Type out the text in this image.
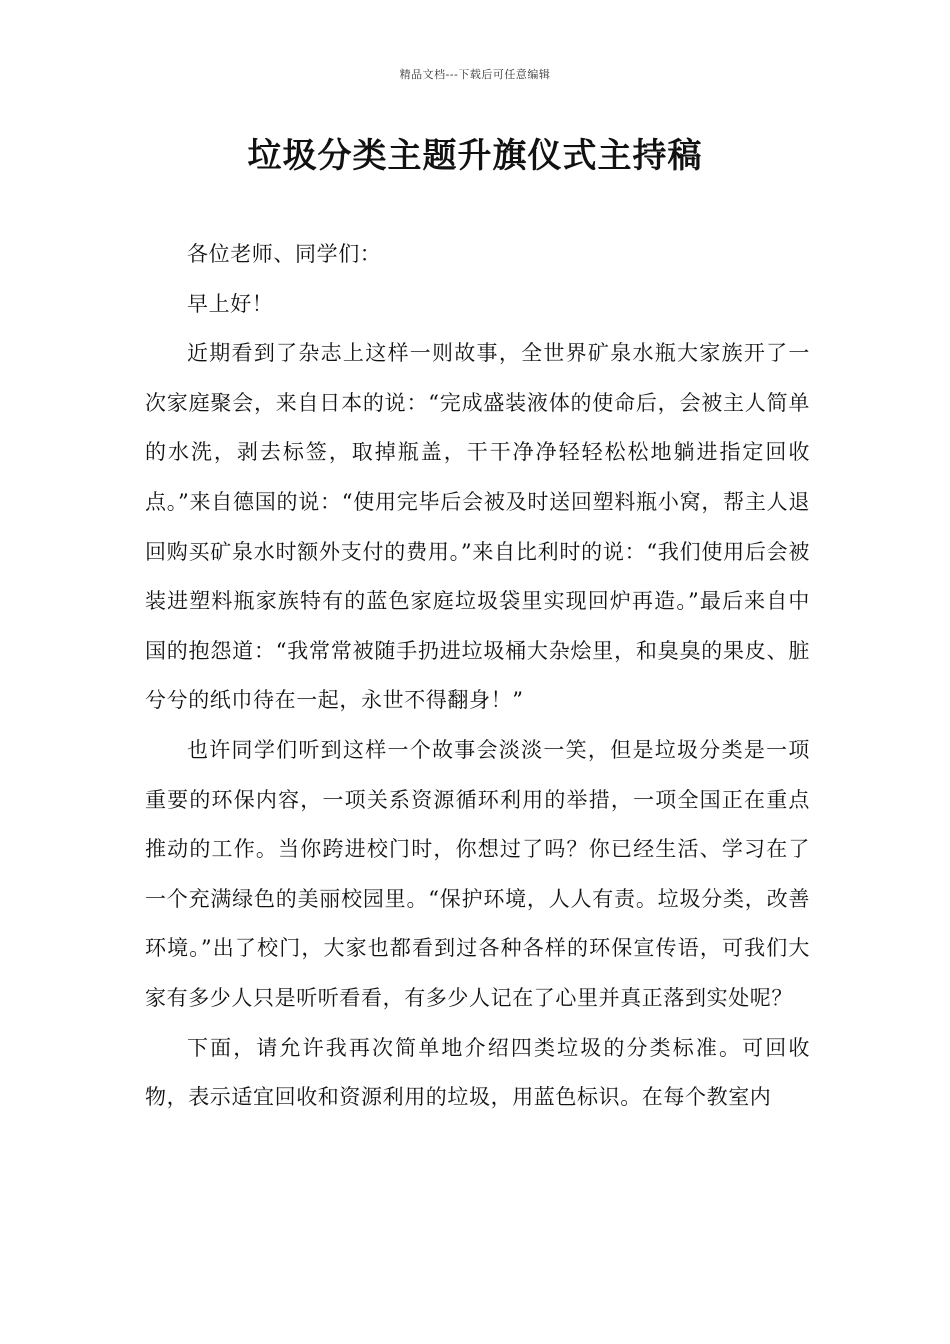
精品文档---下载后可任意编辑
垃圾分类主题升旗仪式主持稿

各位老师、同学们：

早上好！

近期看到了杂志上这样一则故事，全世界矿泉水瓶大家族开了一次家庭聚会，来自日本的说：“完成盛装液体的使命后，会被主人简单的水洗，剥去标签，取掉瓶盖，干干净净轻轻松松地躺进指定回收点。”来自德国的说：“使用完毕后会被及时送回塑料瓶小窝，帮主人退回购买矿泉水时额外支付的费用。”来自比利时的说：“我们使用后会被装进塑料瓶家族特有的蓝色家庭垃圾袋里实现回炉再造。”最后来自中国的抱怨道：“我常常被随手扔进垃圾桶大杂烩里，和臭臭的果皮、脏兮兮的纸巾待在一起，永世不得翻身！”

也许同学们听到这样一个故事会淡淡一笑，但是垃圾分类是一项重要的环保内容，一项关系资源循环利用的举措，一项全国正在重点推动的工作。当你跨进校门时，你想过了吗？你已经生活、学习在了一个充满绿色的美丽校园里。“保护环境，人人有责。垃圾分类，改善环境。”出了校门，大家也都看到过各种各样的环保宣传语，可我们大家有多少人只是听听看看，有多少人记在了心里并真正落到实处呢？

下面，请允许我再次简单地介绍四类垃圾的分类标准。可回收物，表示适宜回收和资源利用的垃圾，用蓝色标识。在每个教室内
